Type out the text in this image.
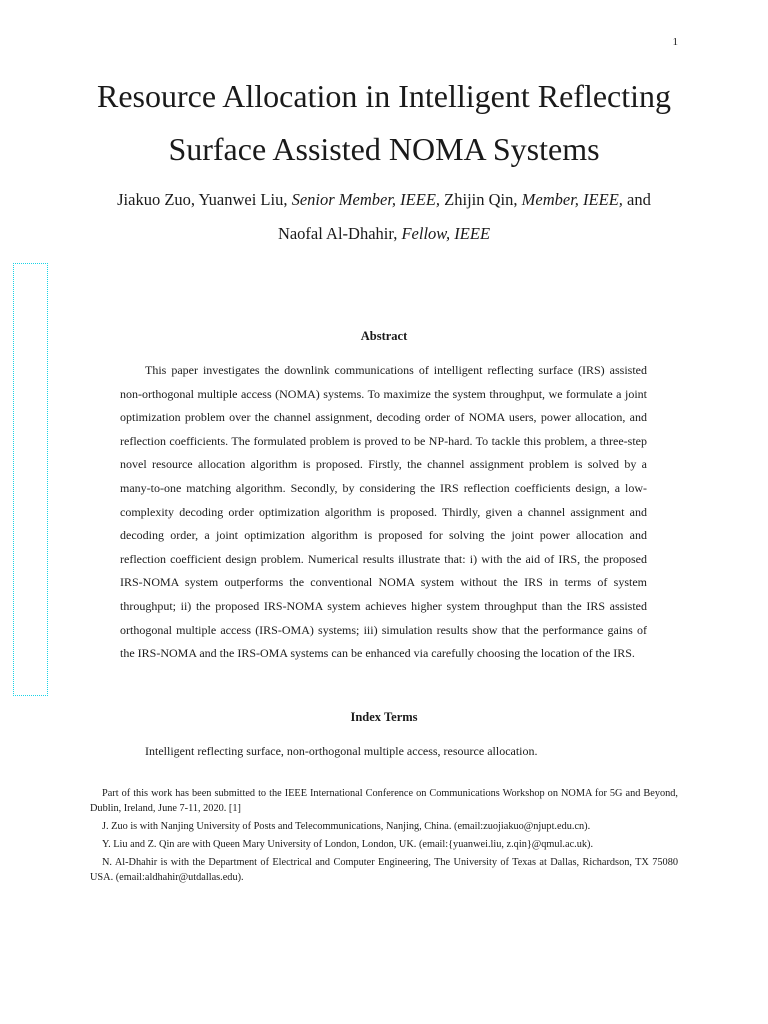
1
Resource Allocation in Intelligent Reflecting
Surface Assisted NOMA Systems
Jiakuo Zuo, Yuanwei Liu, Senior Member, IEEE, Zhijin Qin, Member, IEEE, and
Naofal Al-Dhahir, Fellow, IEEE
Abstract

This paper investigates the downlink communications of intelligent reflecting surface (IRS) assisted non-orthogonal multiple access (NOMA) systems. To maximize the system throughput, we formulate a joint optimization problem over the channel assignment, decoding order of NOMA users, power allocation, and reflection coefficients. The formulated problem is proved to be NP-hard. To tackle this problem, a three-step novel resource allocation algorithm is proposed. Firstly, the channel assignment problem is solved by a many-to-one matching algorithm. Secondly, by considering the IRS reflection coefficients design, a low-complexity decoding order optimization algorithm is proposed. Thirdly, given a channel assignment and decoding order, a joint optimization algorithm is proposed for solving the joint power allocation and reflection coefficient design problem. Numerical results illustrate that: i) with the aid of IRS, the proposed IRS-NOMA system outperforms the conventional NOMA system without the IRS in terms of system throughput; ii) the proposed IRS-NOMA system achieves higher system throughput than the IRS assisted orthogonal multiple access (IRS-OMA) systems; iii) simulation results show that the performance gains of the IRS-NOMA and the IRS-OMA systems can be enhanced via carefully choosing the location of the IRS.

Index Terms

Intelligent reflecting surface, non-orthogonal multiple access, resource allocation.

Part of this work has been submitted to the IEEE International Conference on Communications Workshop on NOMA for 5G and Beyond, Dublin, Ireland, June 7-11, 2020. [1]

J. Zuo is with Nanjing University of Posts and Telecommunications, Nanjing, China. (email:zuojiakuo@njupt.edu.cn).

Y. Liu and Z. Qin are with Queen Mary University of London, London, UK. (email:{yuanwei.liu, z.qin}@qmul.ac.uk).

N. Al-Dhahir is with the Department of Electrical and Computer Engineering, The University of Texas at Dallas, Richardson, TX 75080 USA. (email:aldhahir@utdallas.edu).
